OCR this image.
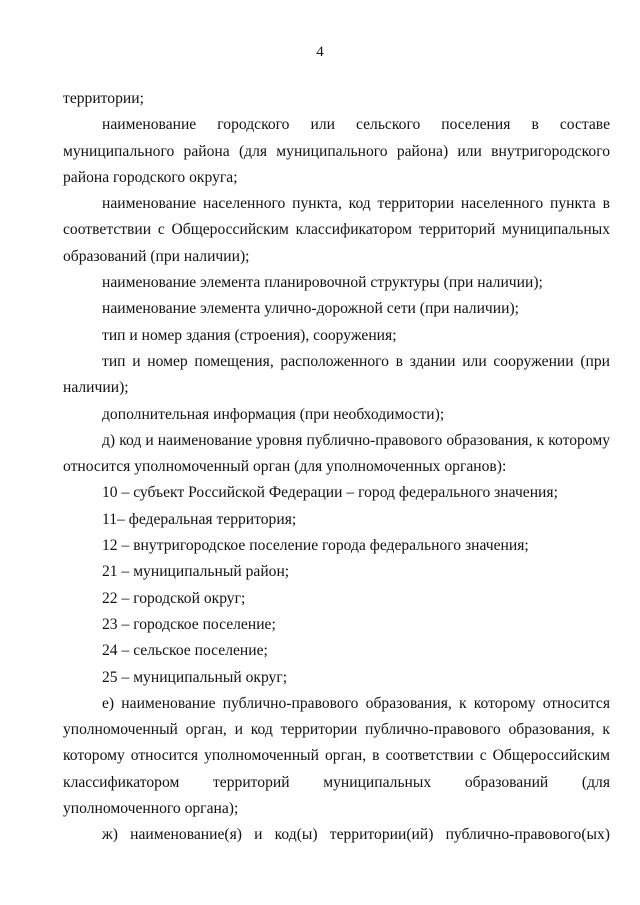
4

территории;

наименование городского или сельского поселения в составе муниципального района (для муниципального района) или внутригородского района городского округа;

наименование населенного пункта, код территории населенного пункта в соответствии с Общероссийским классификатором территорий муниципальных образований (при наличии);

наименование элемента планировочной структуры (при наличии);

наименование элемента улично-дорожной сети (при наличии);

тип и номер здания (строения), сооружения;

тип и номер помещения, расположенного в здании или сооружении (при наличии);

дополнительная информация (при необходимости);

д) код и наименование уровня публично-правового образования, к которому относится уполномоченный орган (для уполномоченных органов):

10 – субъект Российской Федерации – город федерального значения;

11– федеральная территория;

12 – внутригородское поселение города федерального значения;

21 – муниципальный район;

22 – городской округ;

23 – городское поселение;

24 – сельское поселение;

25 – муниципальный округ;

е) наименование публично-правового образования, к которому относится уполномоченный орган, и код территории публично-правового образования, к которому относится уполномоченный орган, в соответствии с Общероссийским классификатором территорий муниципальных образований (для уполномоченного органа);

ж) наименование(я) и код(ы) территории(ий) публично-правового(ых)
